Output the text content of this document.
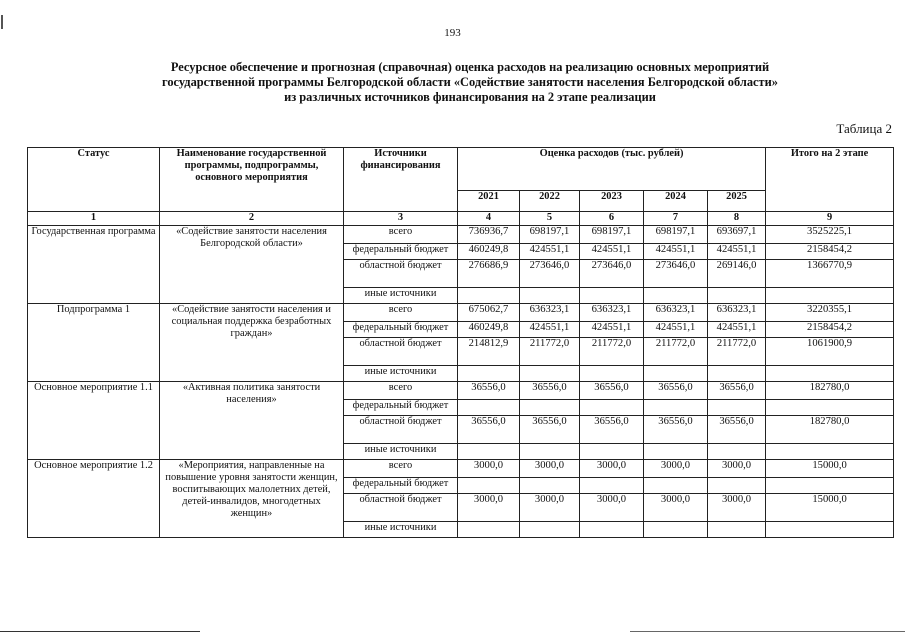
193
Ресурсное обеспечение и прогнозная (справочная) оценка расходов на реализацию основных мероприятий
государственной программы Белгородской области «Содействие занятости населения Белгородской области»
из различных источников финансирования на 2 этапе реализации
Таблица 2
Статус	Наименование государственной программы, подпрограммы, основного мероприятия	Источники финансирования	Оценка расходов (тыс. рублей)					Итого на 2 этапе
			2021	2022	2023	2024	2025	
1	2	3	4	5	6	7	8	9
Государственная программа	«Содействие занятости населения Белгородской области»	всего	736936,7	698197,1	698197,1	698197,1	693697,1	3525225,1
		федеральный бюджет	460249,8	424551,1	424551,1	424551,1	424551,1	2158454,2
		областной бюджет	276686,9	273646,0	273646,0	273646,0	269146,0	1366770,9
		иные источники						
Подпрограмма 1	«Содействие занятости населения и социальная поддержка безработных граждан»	всего	675062,7	636323,1	636323,1	636323,1	636323,1	3220355,1
		федеральный бюджет	460249,8	424551,1	424551,1	424551,1	424551,1	2158454,2
		областной бюджет	214812,9	211772,0	211772,0	211772,0	211772,0	1061900,9
		иные источники						
Основное мероприятие 1.1	«Активная политика занятости населения»	всего	36556,0	36556,0	36556,0	36556,0	36556,0	182780,0
		федеральный бюджет						
		областной бюджет	36556,0	36556,0	36556,0	36556,0	36556,0	182780,0
		иные источники						
Основное мероприятие 1.2	«Мероприятия, направленные на повышение уровня занятости женщин, воспитывающих малолетних детей, детей-инвалидов, многодетных женщин»	всего	3000,0	3000,0	3000,0	3000,0	3000,0	15000,0
		федеральный бюджет						
		областной бюджет	3000,0	3000,0	3000,0	3000,0	3000,0	15000,0
		иные источники						
